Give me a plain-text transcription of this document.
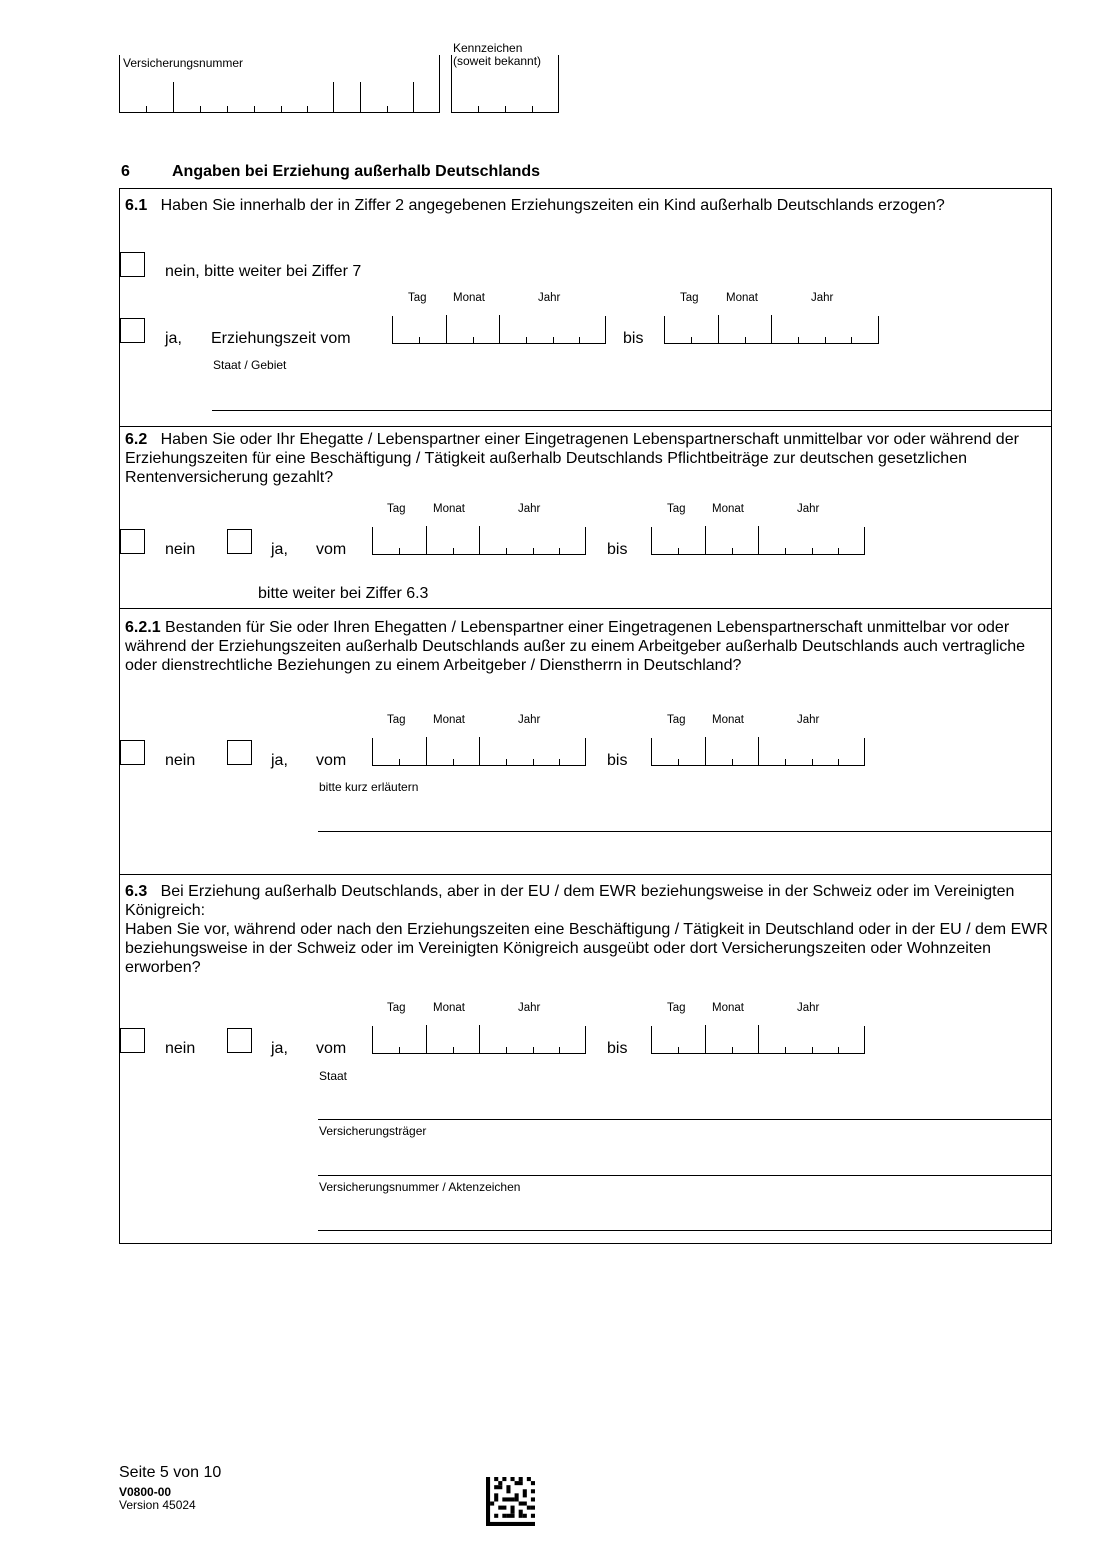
Versicherungsnummer
Kennzeichen
(soweit bekannt)
6	Angaben bei Erziehung außerhalb Deutschlands
6.1 Haben Sie innerhalb der in Ziffer 2 angegebenen Erziehungszeiten ein Kind außerhalb Deutschlands erzogen?
nein, bitte weiter bei Ziffer 7
Tag Monat	Jahr	Tag Monat	Jahr
ja, Erziehungszeit vom	bis
Staat / Gebiet
6.2 Haben Sie oder Ihr Ehegatte / Lebenspartner einer Eingetragenen Lebenspartnerschaft unmittelbar vor oder während der Erziehungszeiten für eine Beschäftigung / Tätigkeit außerhalb Deutschlands Pflichtbeiträge zur deutschen gesetzlichen Rentenversicherung gezahlt?
Tag Monat	Jahr	Tag Monat	Jahr
nein	ja, vom	bis
bitte weiter bei Ziffer 6.3
6.2.1 Bestanden für Sie oder Ihren Ehegatten / Lebenspartner einer Eingetragenen Lebenspartnerschaft unmittelbar vor oder während der Erziehungszeiten außerhalb Deutschlands außer zu einem Arbeitgeber außerhalb Deutschlands auch vertragliche oder dienstrechtliche Beziehungen zu einem Arbeitgeber / Dienstherrn in Deutschland?
Tag Monat	Jahr	Tag Monat	Jahr
nein	ja, vom	bis
bitte kurz erläutern
6.3 Bei Erziehung außerhalb Deutschlands, aber in der EU / dem EWR beziehungsweise in der Schweiz oder im Vereinigten Königreich:
Haben Sie vor, während oder nach den Erziehungszeiten eine Beschäftigung / Tätigkeit in Deutschland oder in der EU / dem EWR beziehungsweise in der Schweiz oder im Vereinigten Königreich ausgeübt oder dort Versicherungszeiten oder Wohnzeiten erworben?
Tag Monat	Jahr	Tag Monat	Jahr
nein	ja, vom	bis
Staat
Versicherungsträger
Versicherungsnummer / Aktenzeichen
Seite 5 von 10
V0800-00
Version 45024
